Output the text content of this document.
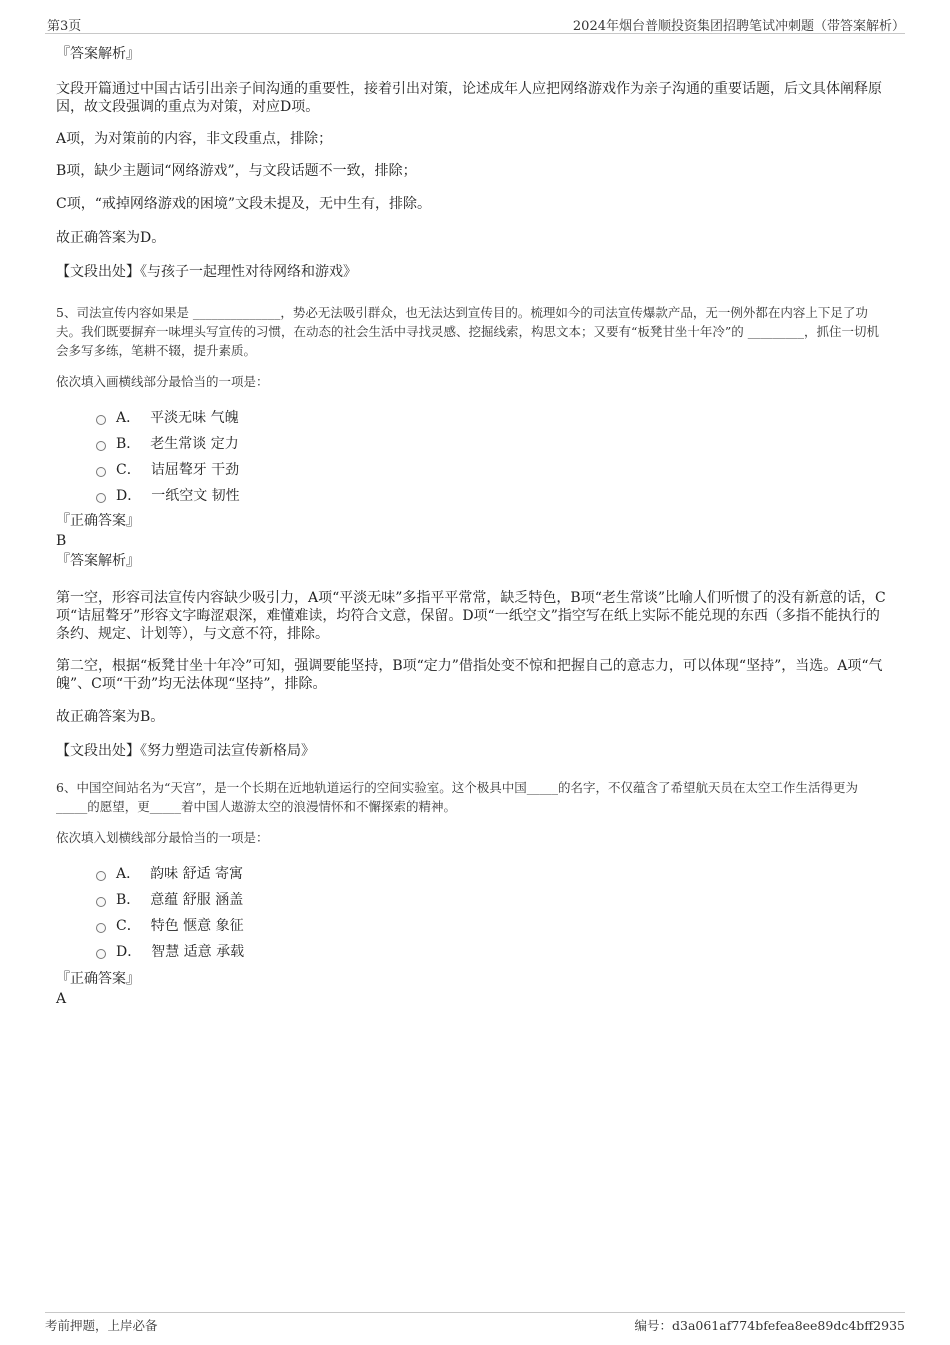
第3页	2024年烟台普顺投资集团招聘笔试冲刺题（带答案解析）
『答案解析』

文段开篇通过中国古话引出亲子间沟通的重要性，接着引出对策，论述成年人应把网络游戏作为亲子沟通的重要话题，后文具体阐释原因，故文段强调的重点为对策，对应D项。

A项，为对策前的内容，非文段重点，排除；

B项，缺少主题词“网络游戏”，与文段话题不一致，排除；

C项，“戒掉网络游戏的困境”文段未提及，无中生有，排除。

故正确答案为D。

【文段出处】《与孩子一起理性对待网络和游戏》

5、司法宣传内容如果是 ______________，势必无法吸引群众，也无法达到宣传目的。梳理如今的司法宣传爆款产品，无一例外都在内容上下足了功夫。我们既要摒弃一味埋头写宣传的习惯，在动态的社会生活中寻找灵感、挖掘线索，构思文本；又要有“板凳甘坐十年冷”的 _________，抓住一切机会多写多练，笔耕不辍，提升素质。

依次填入画横线部分最恰当的一项是：

A． 平淡无味 气魄
B． 老生常谈 定力
C． 诘屈聱牙 干劲
D． 一纸空文 韧性
『正确答案』
B
『答案解析』

第一空，形容司法宣传内容缺少吸引力，A项“平淡无味”多指平平常常，缺乏特色，B项“老生常谈”比喻人们听惯了的没有新意的话，C项“诘屈聱牙”形容文字晦涩艰深，难懂难读，均符合文意，保留。D项“一纸空文”指空写在纸上实际不能兑现的东西（多指不能执行的条约、规定、计划等），与文意不符，排除。

第二空，根据“板凳甘坐十年冷”可知，强调要能坚持，B项“定力”借指处变不惊和把握自己的意志力，可以体现“坚持”，当选。A项“气魄”、C项“干劲”均无法体现“坚持”，排除。

故正确答案为B。

【文段出处】《努力塑造司法宣传新格局》

6、中国空间站名为“天宫”，是一个长期在近地轨道运行的空间实验室。这个极具中国_____的名字，不仅蕴含了希望航天员在太空工作生活得更为_____的愿望，更_____着中国人遨游太空的浪漫情怀和不懈探索的精神。

依次填入划横线部分最恰当的一项是：

A． 韵味 舒适 寄寓
B． 意蕴 舒服 涵盖
C． 特色 惬意 象征
D． 智慧 适意 承载
『正确答案』
A
考前押题，上岸必备	编号：d3a061af774bfefea8ee89dc4bff2935
